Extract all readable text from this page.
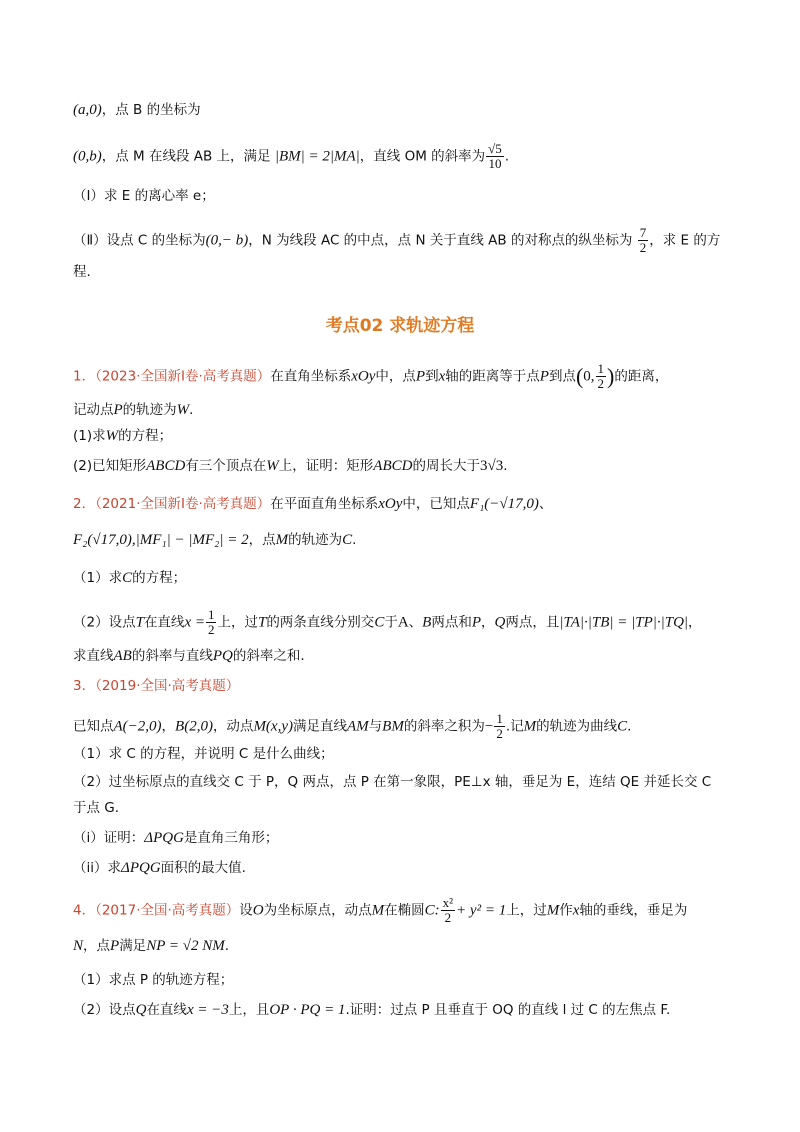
(a,0)，点 B 的坐标为
(0,b)，点 M 在线段 AB 上，满足 |BM| = 2|MA|，直线 OM 的斜率为 $\frac{√5}{10}$ .
（Ⅰ）求 E 的离心率 e；
（Ⅱ）设点 C 的坐标为(0,− b)，N 为线段 AC 的中点，点 N 关于直线 AB 的对称点的纵坐标为 $\frac{7}{2}$ ，求 E 的方
程.
考点02 求轨迹方程
1．（2023·全国新Ⅰ卷·高考真题）在直角坐标系xOy中，点P到x轴的距离等于点P到点(0, $\frac{1}{2}$ )的距离，
记动点P的轨迹为W.
(1)求W的方程；
(2)已知矩形ABCD有三个顶点在W上，证明：矩形ABCD的周长大于3√3.
2．（2021·全国新Ⅰ卷·高考真题）在平面直角坐标系xOy中，已知点F₁(−√17,0)、
F₂(√17,0),|MF₁| − |MF₂| = 2，点M的轨迹为C.
（1）求C的方程；
（2）设点T在直线$x = \frac{1}{2}$ 上，过T的两条直线分别交C于A、B两点和P，Q两点，且|TA|·|TB| = |TP|·|TQ|，
求直线AB的斜率与直线PQ的斜率之和.
3．（2019·全国·高考真题）
已知点A(−2,0)，B(2,0)，动点M(x,y)满足直线AM与BM的斜率之积为− $\frac{1}{2}$ .记M的轨迹为曲线C.
（1）求 C 的方程，并说明 C 是什么曲线；
（2）过坐标原点的直线交 C 于 P，Q 两点，点 P 在第一象限，PE⊥x 轴，垂足为 E，连结 QE 并延长交 C
于点 G.
（i）证明：ΔPQG是直角三角形；
（ii）求ΔPQG面积的最大值.
4．（2017·全国·高考真题）设O为坐标原点，动点M在椭圆C: $\frac{\text{x²}}{2} + y^2 = 1$上，过M作x轴的垂线，垂足为
N，点P满足NP = √2 NM.
（1）求点 P 的轨迹方程；
（2）设点Q在直线x = −3上，且OP · PQ = 1.证明：过点 P 且垂直于 OQ 的直线 l 过 C 的左焦点 F.
